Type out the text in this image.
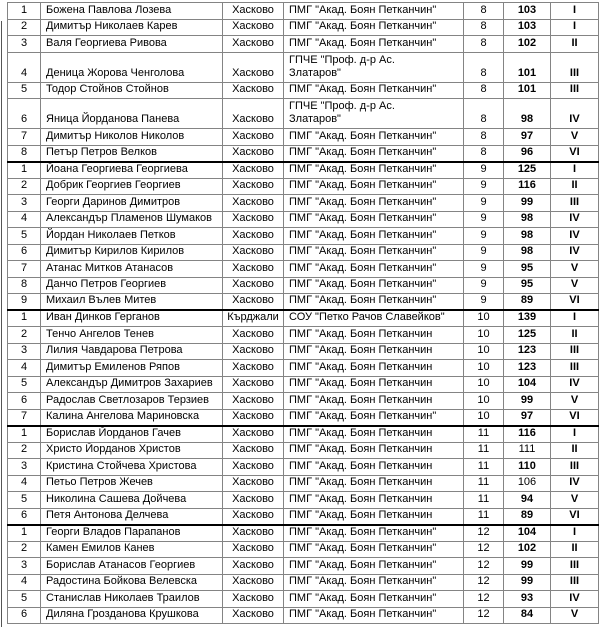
1	Божена Павлова Лозева	Хасково	ПМГ "Акад. Боян Петканчин"	8	103	I
2	Димитър Николаев Карев	Хасково	ПМГ "Акад. Боян Петканчин"	8	103	I
3	Валя Георгиева Ривова	Хасково	ПМГ "Акад. Боян Петканчин"	8	102	II
4	Деница Жорова Ченголова	Хасково	ГПЧЕ "Проф. д-р Ас. Златаров"	8	101	III
5	Тодор Стойнов Стойнов	Хасково	ПМГ "Акад. Боян Петканчин"	8	101	III
6	Яница Йорданова Панева	Хасково	ГПЧЕ "Проф. д-р Ас. Златаров"	8	98	IV
7	Димитър Николов Николов	Хасково	ПМГ "Акад. Боян Петканчин"	8	97	V
8	Петър Петров Велков	Хасково	ПМГ "Акад. Боян Петканчин"	8	96	VI
1	Йоана Георгиева Георгиева	Хасково	ПМГ "Акад. Боян Петканчин"	9	125	I
2	Добрик Георгиев Георгиев	Хасково	ПМГ "Акад. Боян Петканчин"	9	116	II
3	Георги Даринов Димитров	Хасково	ПМГ "Акад. Боян Петканчин"	9	99	III
4	Александър Пламенов Шумаков	Хасково	ПМГ "Акад. Боян Петканчин"	9	98	IV
5	Йордан Николаев Петков	Хасково	ПМГ "Акад. Боян Петканчин"	9	98	IV
6	Димитър Кирилов Кирилов	Хасково	ПМГ "Акад. Боян Петканчин"	9	98	IV
7	Атанас Митков Атанасов	Хасково	ПМГ "Акад. Боян Петканчин"	9	95	V
8	Данчо Петров Георгиев	Хасково	ПМГ "Акад. Боян Петканчин"	9	95	V
9	Михаил Вълев Митев	Хасково	ПМГ "Акад. Боян Петканчин"	9	89	VI
1	Иван Динков Герганов	Кърджали	СОУ "Петко Рачов Славейков"	10	139	I
2	Тенчо Ангелов Тенев	Хасково	ПМГ "Акад. Боян Петканчин	10	125	II
3	Лилия Чавдарова Петрова	Хасково	ПМГ "Акад. Боян Петканчин	10	123	III
4	Димитър Емиленов Ряпов	Хасково	ПМГ "Акад. Боян Петканчин	10	123	III
5	Александър Димитров Захариев	Хасково	ПМГ "Акад. Боян Петканчин	10	104	IV
6	Радослав Светлозаров Терзиев	Хасково	ПМГ "Акад. Боян Петканчин	10	99	V
7	Калина Ангелова Мариновска	Хасково	ПМГ "Акад. Боян Петканчин"	10	97	VI
1	Борислав Йорданов Гачев	Хасково	ПМГ "Акад. Боян Петканчин	11	116	I
2	Христо Йорданов Христов	Хасково	ПМГ "Акад. Боян Петканчин	11	111	II
3	Кристина Стойчева Христова	Хасково	ПМГ "Акад. Боян Петканчин	11	110	III
4	Петьо Петров Жечев	Хасково	ПМГ "Акад. Боян Петканчин	11	106	IV
5	Николина Сашева Дойчева	Хасково	ПМГ "Акад. Боян Петканчин	11	94	V
6	Петя Антонова Делчева	Хасково	ПМГ "Акад. Боян Петканчин	11	89	VI
1	Георги Владов Парапанов	Хасково	ПМГ "Акад. Боян Петканчин"	12	104	I
2	Камен Емилов Канев	Хасково	ПМГ "Акад. Боян Петканчин"	12	102	II
3	Борислав Атанасов Георгиев	Хасково	ПМГ "Акад. Боян Петканчин"	12	99	III
4	Радостина Бойкова Велевска	Хасково	ПМГ "Акад. Боян Петканчин"	12	99	III
5	Станислав Николаев Траилов	Хасково	ПМГ "Акад. Боян Петканчин"	12	93	IV
6	Диляна Грозданова Крушкова	Хасково	ПМГ "Акад. Боян Петканчин"	12	84	V
